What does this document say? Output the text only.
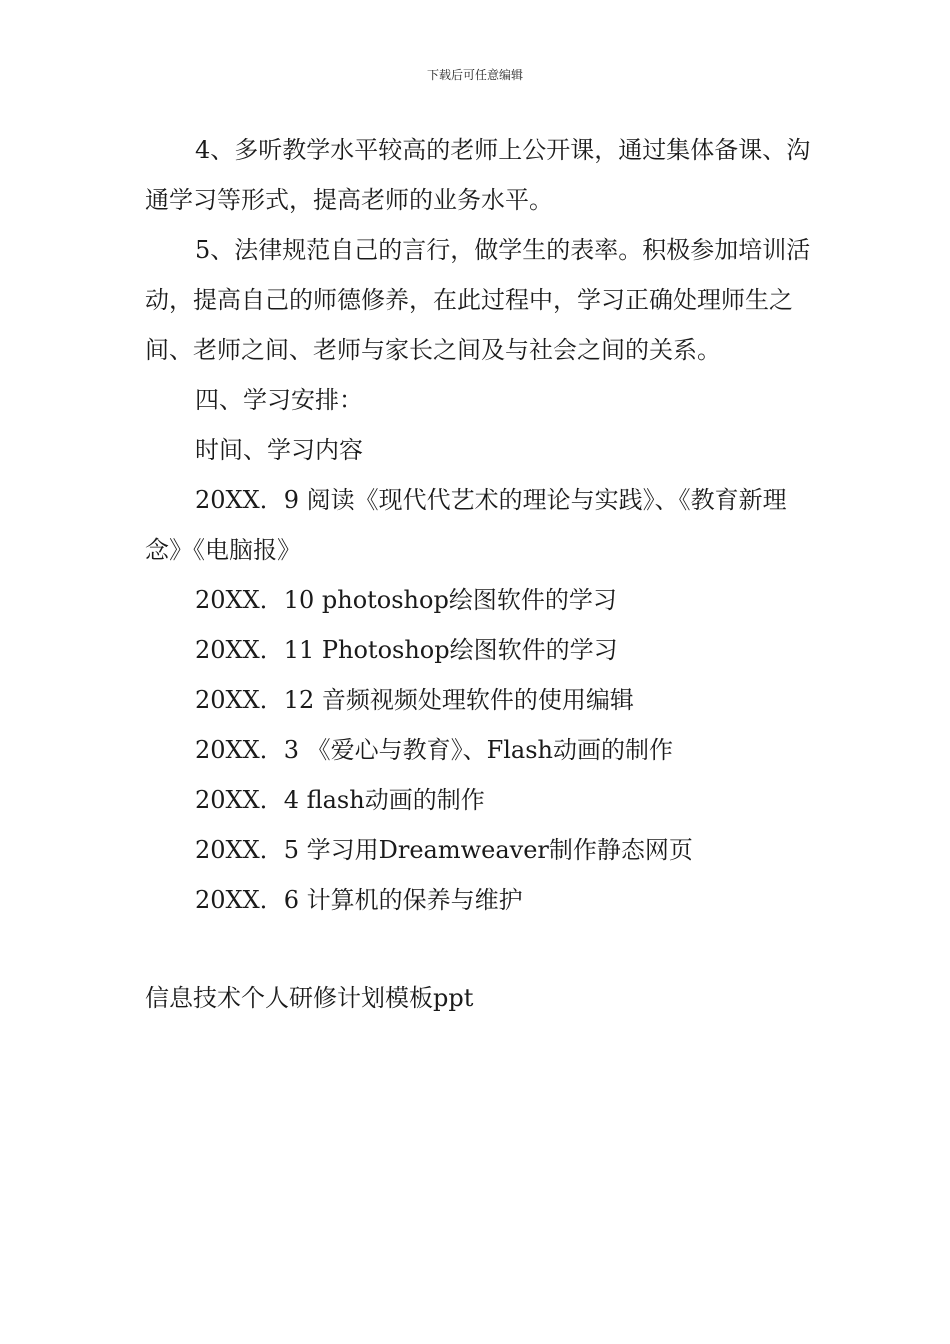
下载后可任意编辑

4、多听教学水平较高的老师上公开课，通过集体备课、沟通学习等形式，提高老师的业务水平。

5、法律规范自己的言行，做学生的表率。积极参加培训活动，提高自己的师德修养，在此过程中，学习正确处理师生之间、老师之间、老师与家长之间及与社会之间的关系。

四、学习安排：

时间、学习内容

20XX．9 阅读《现代代艺术的理论与实践》、《教育新理念》《电脑报》

20XX．10 photoshop绘图软件的学习

20XX．11 Photoshop绘图软件的学习

20XX．12 音频视频处理软件的使用编辑

20XX．3 《爱心与教育》、Flash动画的制作

20XX．4 flash动画的制作

20XX．5 学习用Dreamweaver制作静态网页

20XX．6 计算机的保养与维护

信息技术个人研修计划模板ppt
